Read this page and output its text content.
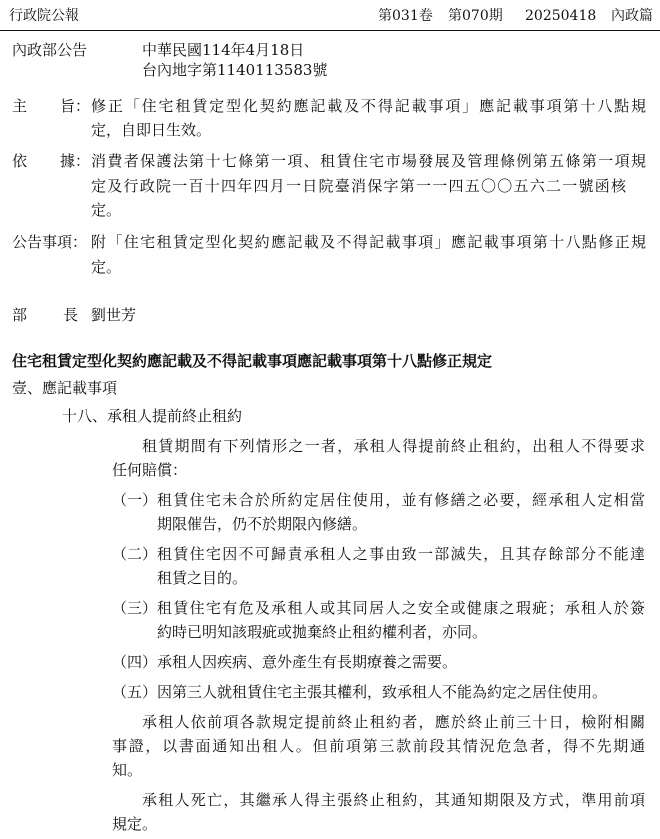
行政院公報	第031卷 第070期 20250418 內政篇
內政部公告	中華民國114年4月18日
台內地字第1140113583號
主 旨： 修正「住宅租賃定型化契約應記載及不得記載事項」應記載事項第十八點規
定，自即日生效。
依 據： 消費者保護法第十七條第一項、租賃住宅市場發展及管理條例第五條第一項規
定及行政院一百十四年四月一日院臺消保字第一一四五〇〇五六二一號函核
定。
公告事項： 附「住宅租賃定型化契約應記載及不得記載事項」應記載事項第十八點修正規
定。
部 長 劉世芳
住宅租賃定型化契約應記載及不得記載事項應記載事項第十八點修正規定
壹、應記載事項
十八、承租人提前終止租約
租賃期間有下列情形之一者，承租人得提前終止租約，出租人不得要求
任何賠償：
（一） 租賃住宅未合於所約定居住使用，並有修繕之必要，經承租人定相當
期限催告，仍不於期限內修繕。
（二） 租賃住宅因不可歸責承租人之事由致一部滅失，且其存餘部分不能達
租賃之目的。
（三） 租賃住宅有危及承租人或其同居人之安全或健康之瑕疵；承租人於簽
約時已明知該瑕疵或拋棄終止租約權利者，亦同。
（四） 承租人因疾病、意外產生有長期療養之需要。
（五） 因第三人就租賃住宅主張其權利，致承租人不能為約定之居住使用。
承租人依前項各款規定提前終止租約者，應於終止前三十日，檢附相關
事證，以書面通知出租人。但前項第三款前段其情況危急者，得不先期通
知。
承租人死亡，其繼承人得主張終止租約，其通知期限及方式，準用前項
規定。
